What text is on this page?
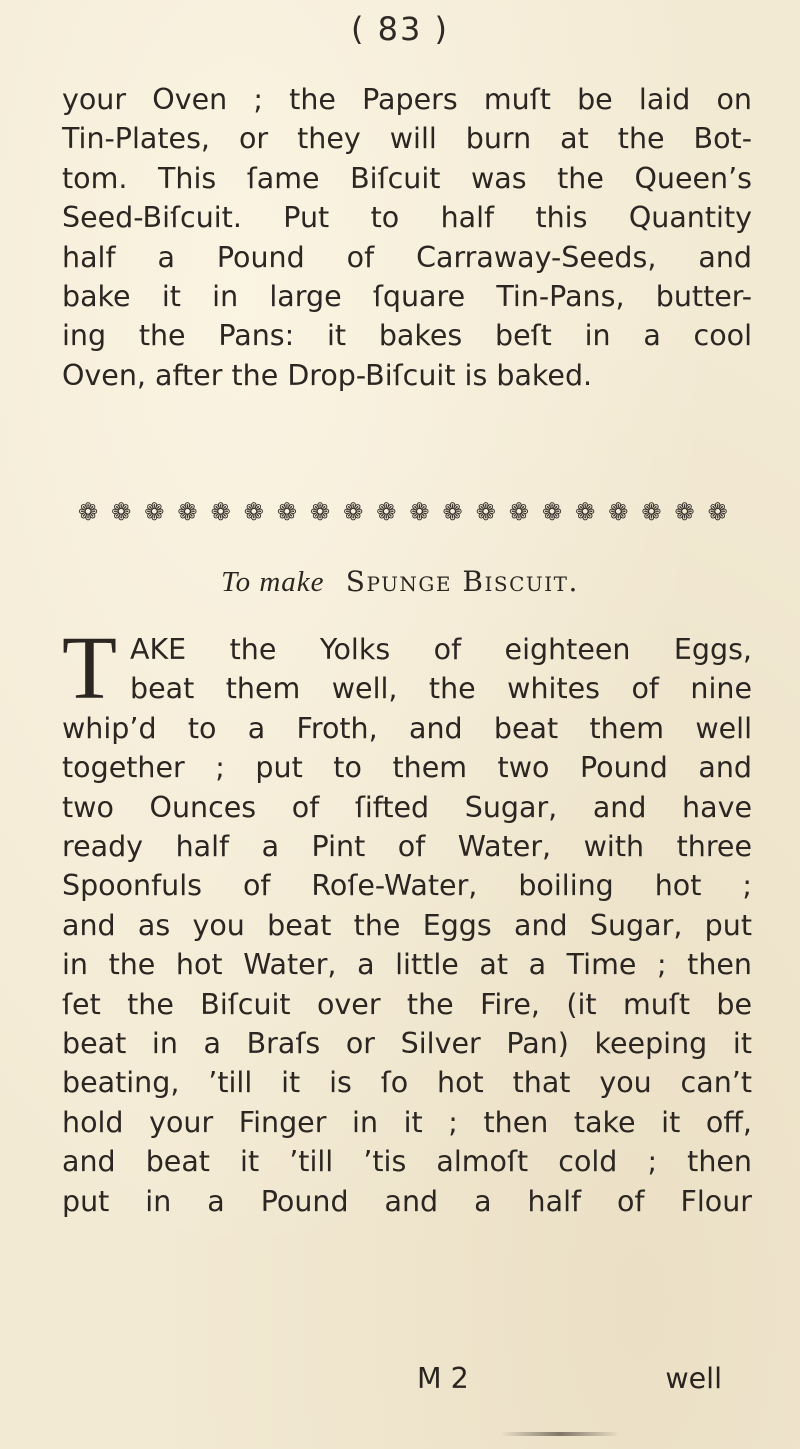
( 83 )
your Oven ; the Papers muſt be laid on
Tin-Plates, or they will burn at the Bot-
tom. This ſame Biſcuit was the Queen’s
Seed-Biſcuit. Put to half this Quantity
half a Pound of Carraway-Seeds, and
bake it in large ſquare Tin-Pans, butter-
ing the Pans: it bakes beſt in a cool
Oven, after the Drop-Biſcuit is baked.
❁ ❁ ❁ ❁ ❁ ❁ ❁ ❁ ❁ ❁ ❁ ❁ ❁ ❁ ❁ ❁ ❁ ❁ ❁ ❁
To make Spunge Biscuit.
T AKE the Yolks of eighteen Eggs,
beat them well, the whites of nine
whip’d to a Froth, and beat them well
together ; put to them two Pound and
two Ounces of ſifted Sugar, and have
ready half a Pint of Water, with three
Spoonfuls of Roſe-Water, boiling hot ;
and as you beat the Eggs and Sugar, put
in the hot Water, a little at a Time ; then
ſet the Biſcuit over the Fire, (it muſt be
beat in a Braſs or Silver Pan) keeping it
beating, ’till it is ſo hot that you can’t
hold your Finger in it ; then take it off,
and beat it ’till ’tis almoſt cold ; then
put in a Pound and a half of Flour
M 2	well
